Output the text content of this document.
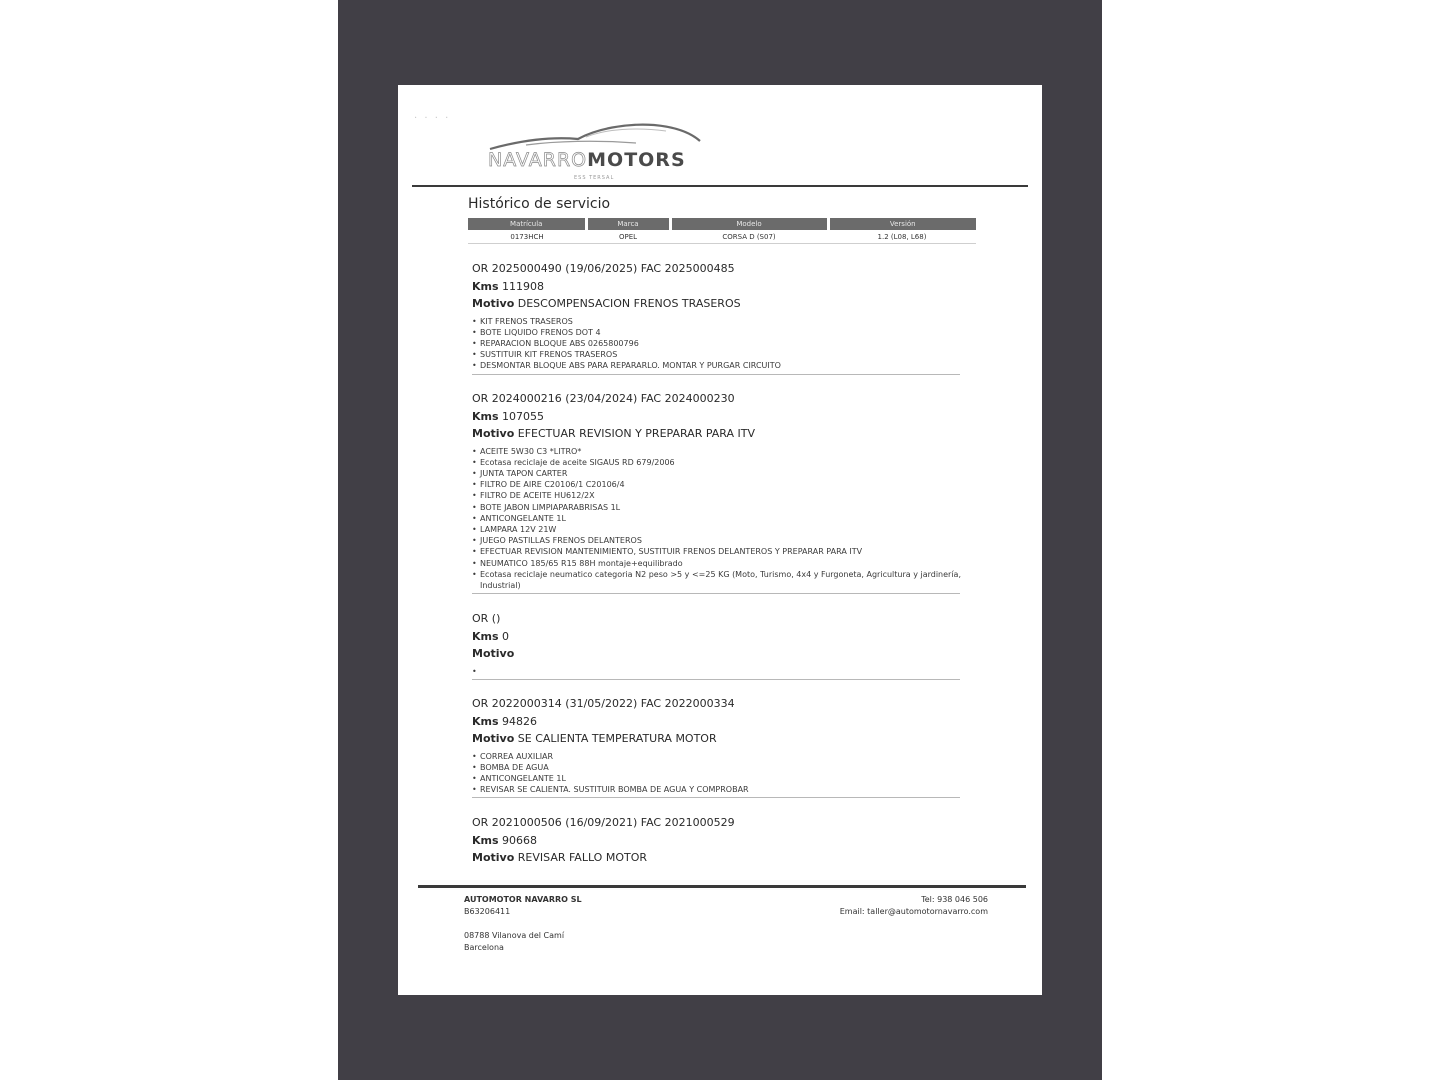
· · · ·
NAVARROMOTORS
ESS TERSAL
Histórico de servicio
Matrícula	Marca	Modelo	Versión
0173HCH	OPEL	CORSA D (S07)	1.2 (L08, L68)
OR 2025000490 (19/06/2025) FAC 2025000485
Kms 111908
Motivo DESCOMPENSACION FRENOS TRASEROS
• KIT FRENOS TRASEROS
• BOTE LIQUIDO FRENOS DOT 4
• REPARACION BLOQUE ABS 0265800796
• SUSTITUIR KIT FRENOS TRASEROS
• DESMONTAR BLOQUE ABS PARA REPARARLO. MONTAR Y PURGAR CIRCUITO
OR 2024000216 (23/04/2024) FAC 2024000230
Kms 107055
Motivo EFECTUAR REVISION Y PREPARAR PARA ITV
• ACEITE 5W30 C3 *LITRO*
• Ecotasa reciclaje de aceite SIGAUS RD 679/2006
• JUNTA TAPON CARTER
• FILTRO DE AIRE C20106/1 C20106/4
• FILTRO DE ACEITE HU612/2X
• BOTE JABON LIMPIAPARABRISAS 1L
• ANTICONGELANTE 1L
• LAMPARA 12V 21W
• JUEGO PASTILLAS FRENOS DELANTEROS
• EFECTUAR REVISION MANTENIMIENTO, SUSTITUIR FRENOS DELANTEROS Y PREPARAR PARA ITV
• NEUMATICO 185/65 R15 88H montaje+equilibrado
• Ecotasa reciclaje neumatico categoria N2 peso >5 y <=25 KG (Moto, Turismo, 4x4 y Furgoneta, Agricultura y jardinería, Industrial)
OR ()
Kms 0
Motivo
•
OR 2022000314 (31/05/2022) FAC 2022000334
Kms 94826
Motivo SE CALIENTA TEMPERATURA MOTOR
• CORREA AUXILIAR
• BOMBA DE AGUA
• ANTICONGELANTE 1L
• REVISAR SE CALIENTA. SUSTITUIR BOMBA DE AGUA Y COMPROBAR
OR 2021000506 (16/09/2021) FAC 2021000529
Kms 90668
Motivo REVISAR FALLO MOTOR
AUTOMOTOR NAVARRO SL
B63206411
08788 Vilanova del Camí
Barcelona
Tel: 938 046 506
Email: taller@automotornavarro.com
